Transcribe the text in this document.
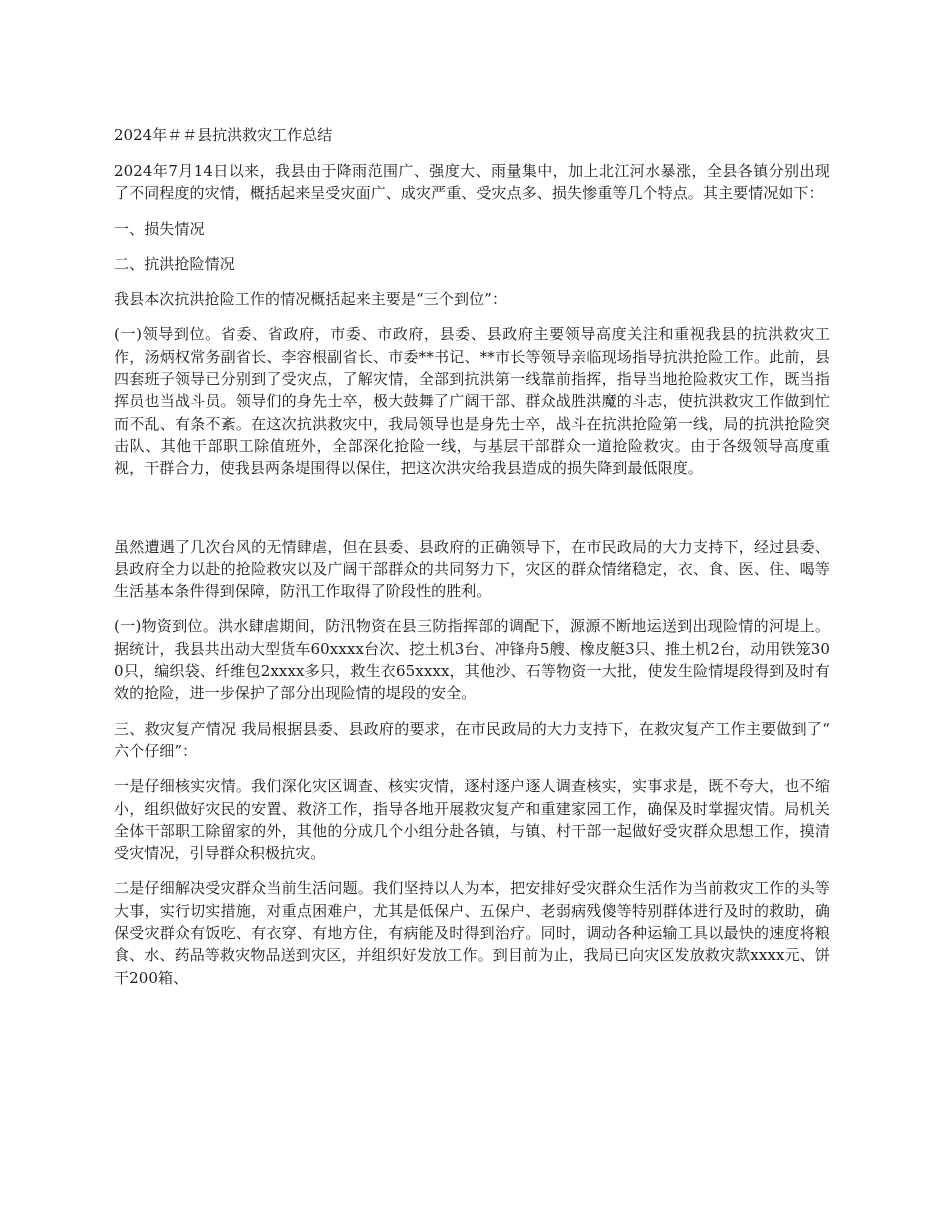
2024年＃＃县抗洪救灾工作总结

2024年7月14日以来，我县由于降雨范围广、强度大、雨量集中，加上北江河水暴涨，全县各镇分别出现了不同程度的灾情，概括起来呈受灾面广、成灾严重、受灾点多、损失惨重等几个特点。其主要情况如下：

一、损失情况

二、抗洪抢险情况

我县本次抗洪抢险工作的情况概括起来主要是“三个到位”：

(一)领导到位。省委、省政府，市委、市政府，县委、县政府主要领导高度关注和重视我县的抗洪救灾工作，汤炳权常务副省长、李容根副省长、市委**书记、**市长等领导亲临现场指导抗洪抢险工作。此前，县四套班子领导已分别到了受灾点，了解灾情，全部到抗洪第一线靠前指挥，指导当地抢险救灾工作，既当指挥员也当战斗员。领导们的身先士卒，极大鼓舞了广阔干部、群众战胜洪魔的斗志，使抗洪救灾工作做到忙而不乱、有条不紊。在这次抗洪救灾中，我局领导也是身先士卒，战斗在抗洪抢险第一线，局的抗洪抢险突击队、其他干部职工除值班外，全部深化抢险一线，与基层干部群众一道抢险救灾。由于各级领导高度重视，干群合力，使我县两条堤围得以保住，把这次洪灾给我县造成的损失降到最低限度。

虽然遭遇了几次台风的无情肆虐，但在县委、县政府的正确领导下，在市民政局的大力支持下，经过县委、县政府全力以赴的抢险救灾以及广阔干部群众的共同努力下，灾区的群众情绪稳定，衣、食、医、住、喝等生活基本条件得到保障，防汛工作取得了阶段性的胜利。

(一)物资到位。洪水肆虐期间，防汛物资在县三防指挥部的调配下，源源不断地运送到出现险情的河堤上。据统计，我县共出动大型货车60xxxx台次、挖土机3台、冲锋舟5艘、橡皮艇3只、推土机2台，动用铁笼300只，编织袋、纤维包2xxxx多只，救生衣65xxxx，其他沙、石等物资一大批，使发生险情堤段得到及时有效的抢险，进一步保护了部分出现险情的堤段的安全。

三、救灾复产情况 我局根据县委、县政府的要求，在市民政局的大力支持下，在救灾复产工作主要做到了“ 六个仔细”：

一是仔细核实灾情。我们深化灾区调查、核实灾情，逐村逐户逐人调查核实，实事求是，既不夸大，也不缩小，组织做好灾民的安置、救济工作，指导各地开展救灾复产和重建家园工作，确保及时掌握灾情。局机关全体干部职工除留家的外，其他的分成几个小组分赴各镇，与镇、村干部一起做好受灾群众思想工作，摸清受灾情况，引导群众积极抗灾。

二是仔细解决受灾群众当前生活问题。我们坚持以人为本，把安排好受灾群众生活作为当前救灾工作的头等大事，实行切实措施，对重点困难户，尤其是低保户、五保户、老弱病残傻等特别群体进行及时的救助，确保受灾群众有饭吃、有衣穿、有地方住，有病能及时得到治疗。同时，调动各种运输工具以最快的速度将粮食、水、药品等救灾物品送到灾区，并组织好发放工作。到目前为止，我局已向灾区发放救灾款xxxx元、饼干200箱、
